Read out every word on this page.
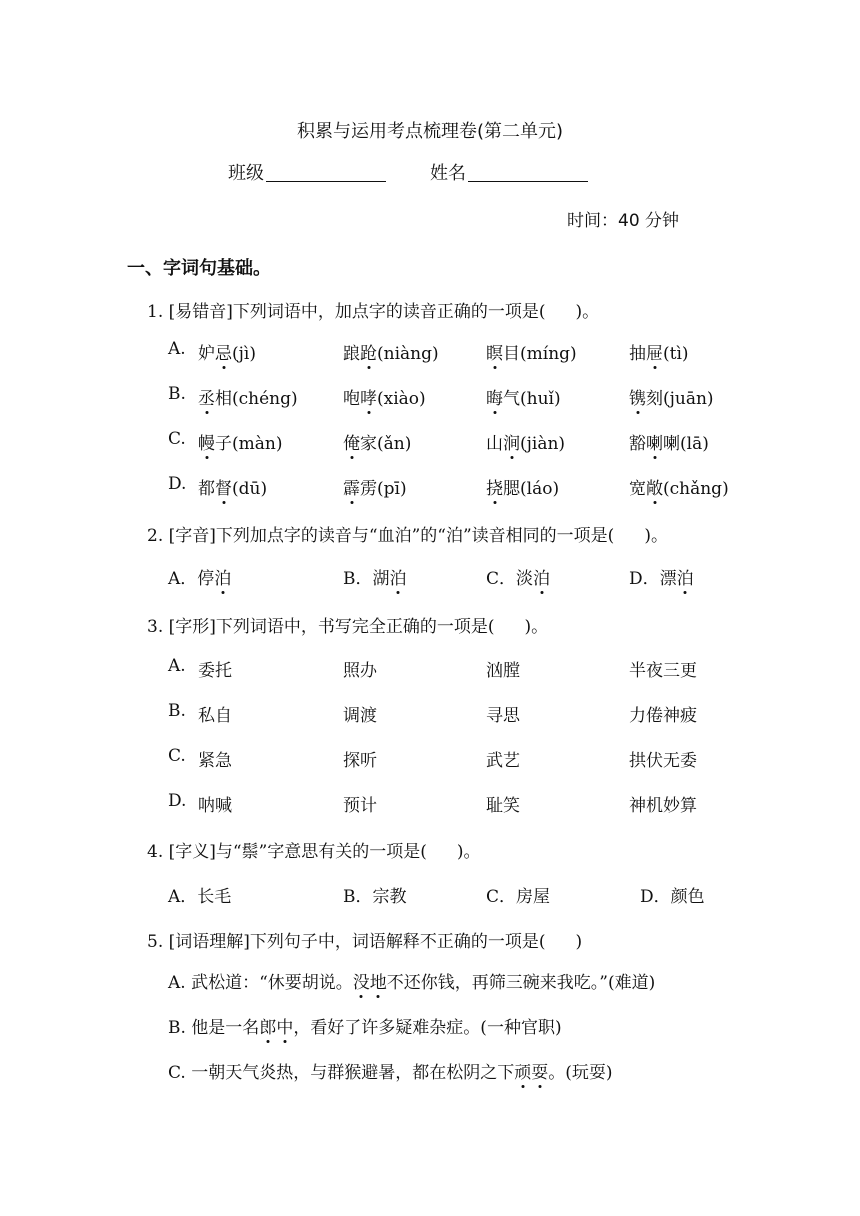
积累与运用考点梳理卷(第二单元)
班级	姓名
时间：40 分钟
一、字词句基础。
1. [易错音]下列词语中，加点字的读音正确的一项是( )。
A. 妒忌(jì)	踉跄(niàng)	瞑目(míng)	抽屉(tì)
B. 丞相(chéng)	咆哮(xiào)	晦气(huǐ)	镌刻(juān)
C. 幔子(màn)	俺家(ǎn)	山涧(jiàn)	豁喇喇(lā)
D. 都督(dū)	霹雳(pī)	挠腮(láo)	宽敞(chǎng)
2. [字音]下列加点字的读音与“血泊”的“泊”读音相同的一项是( )。
A．停泊	B．湖泊	C．淡泊	D．漂泊
3. [字形]下列词语中，书写完全正确的一项是( )。
A. 委托	照办	汹膛	半夜三更
B. 私自	调渡	寻思	力倦神疲
C. 紧急	探听	武艺	拱伏无委
D. 呐喊	预计	耻笑	神机妙算
4. [字义]与“鬃”字意思有关的一项是( )。
A．长毛	B．宗教	C．房屋	D．颜色
5. [词语理解]下列句子中，词语解释不正确的一项是( )
A. 武松道：“休要胡说。没地不还你钱，再筛三碗来我吃。”(难道)
B. 他是一名郎中，看好了许多疑难杂症。(一种官职)
C. 一朝天气炎热，与群猴避暑，都在松阴之下顽耍。(玩耍)
